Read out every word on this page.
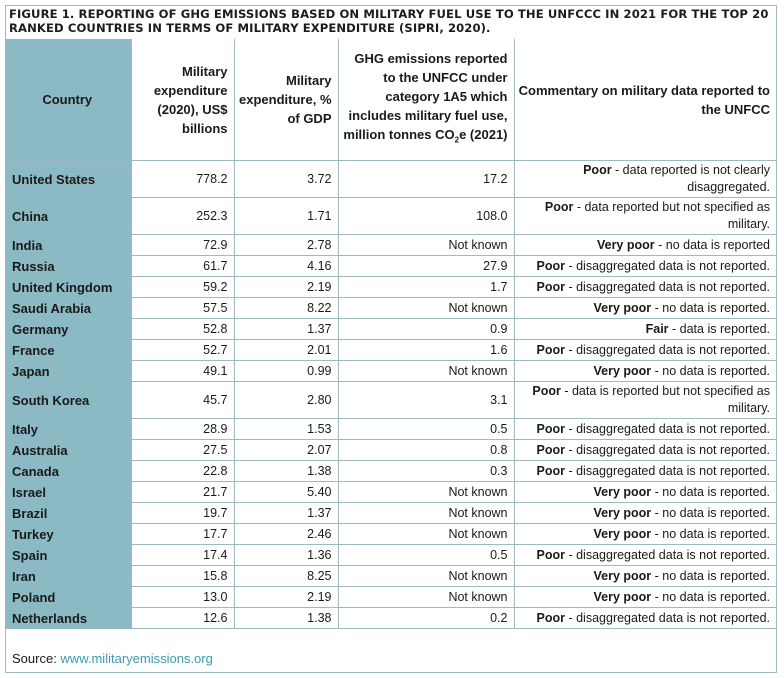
FIGURE 1. REPORTING OF GHG EMISSIONS BASED ON MILITARY FUEL USE TO THE UNFCCC IN 2021 FOR THE TOP 20 RANKED COUNTRIES IN TERMS OF MILITARY EXPENDITURE (SIPRI, 2020).
Country	Military expenditure (2020), US$ billions	Military expenditure, % of GDP	GHG emissions reported to the UNFCC under category 1A5 which includes military fuel use, million tonnes $CO_2e$ (2021)	Commentary on military data reported to the UNFCC
United States	778.2	3.72	17.2	Poor - data reported is not clearly disaggregated.
China	252.3	1.71	108.0	Poor - data reported but not specified as military.
India	72.9	2.78	Not known	Very poor - no data is reported
Russia	61.7	4.16	27.9	Poor - disaggregated data is not reported.
United Kingdom	59.2	2.19	1.7	Poor - disaggregated data is not reported.
Saudi Arabia	57.5	8.22	Not known	Very poor - no data is reported.
Germany	52.8	1.37	0.9	Fair - data is reported.
France	52.7	2.01	1.6	Poor - disaggregated data is not reported.
Japan	49.1	0.99	Not known	Very poor - no data is reported.
South Korea	45.7	2.80	3.1	Poor - data is reported but not specified as military.
Italy	28.9	1.53	0.5	Poor - disaggregated data is not reported.
Australia	27.5	2.07	0.8	Poor - disaggregated data is not reported.
Canada	22.8	1.38	0.3	Poor - disaggregated data is not reported.
Israel	21.7	5.40	Not known	Very poor - no data is reported.
Brazil	19.7	1.37	Not known	Very poor - no data is reported.
Turkey	17.7	2.46	Not known	Very poor - no data is reported.
Spain	17.4	1.36	0.5	Poor - disaggregated data is not reported.
Iran	15.8	8.25	Not known	Very poor - no data is reported.
Poland	13.0	2.19	Not known	Very poor - no data is reported.
Netherlands	12.6	1.38	0.2	Poor - disaggregated data is not reported.
Source: www.militaryemissions.org
